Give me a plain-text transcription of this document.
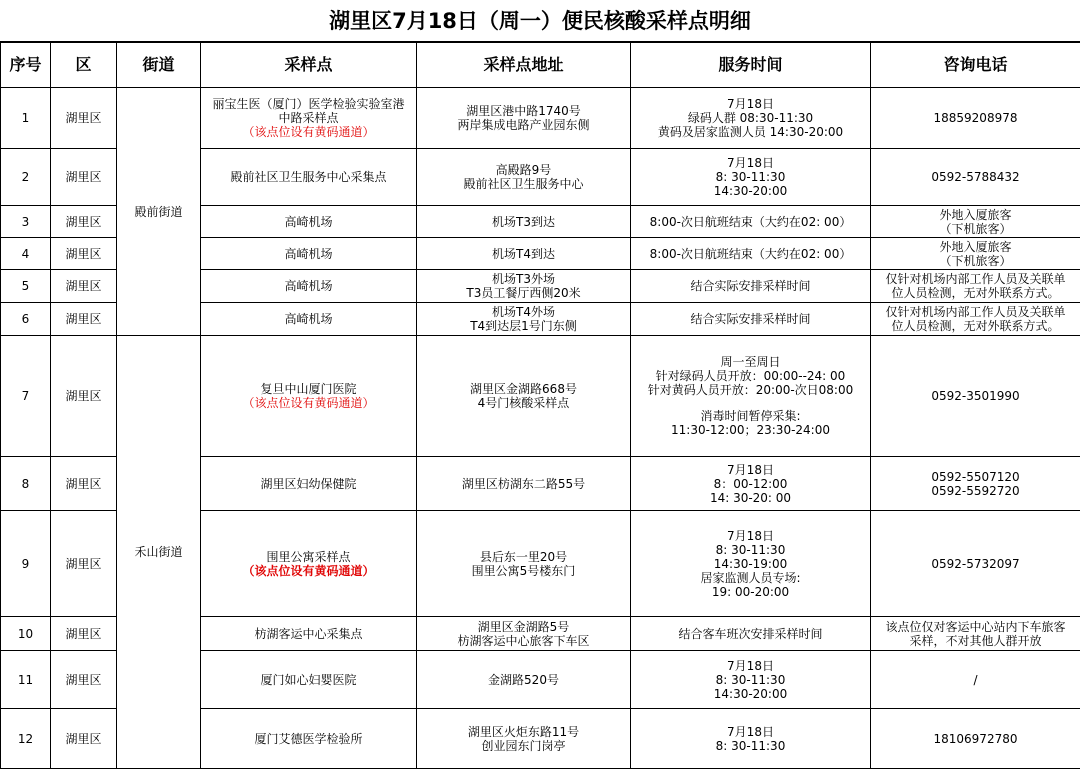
湖里区7月18日（周一）便民核酸采样点明细
序号	区	街道	采样点	采样点地址	服务时间	咨询电话
1	湖里区	殿前街道	丽宝生医（厦门）医学检验实验室港
中路采样点
（该点位设有黄码通道）	湖里区港中路1740号
两岸集成电路产业园东侧	7月18日
绿码人群 08:30-11:30
黄码及居家监测人员 14:30-20:00	18859208978

2	湖里区		殿前社区卫生服务中心采集点	高殿路9号
殿前社区卫生服务中心	7月18日
8: 30-11:30
14:30-20:00	0592-5788432

3	湖里区		高崎机场	机场T3到达	8:00-次日航班结束（大约在02: 00）	外地入厦旅客
（下机旅客）

4	湖里区		高崎机场	机场T4到达	8:00-次日航班结束（大约在02: 00）	外地入厦旅客
（下机旅客）

5	湖里区		高崎机场	机场T3外场
T3员工餐厅西侧20米	结合实际安排采样时间	仅针对机场内部工作人员及关联单
位人员检测，无对外联系方式。

6	湖里区		高崎机场	机场T4外场
T4到达层1号门东侧	结合实际安排采样时间	仅针对机场内部工作人员及关联单
位人员检测，无对外联系方式。

7	湖里区	禾山街道	复旦中山厦门医院
（该点位设有黄码通道）	湖里区金湖路668号
4号门核酸采样点	周一至周日
针对绿码人员开放：00:00--24: 00
针对黄码人员开放：20:00-次日08:00
消毒时间暂停采集:
11:30-12:00；23:30-24:00	0592-3501990

8	湖里区		湖里区妇幼保健院	湖里区枋湖东二路55号	7月18日
8：00-12:00
14: 30-20: 00	0592-5507120
0592-5592720

9	湖里区		围里公寓采样点
（该点位设有黄码通道）	县后东一里20号
围里公寓5号楼东门	7月18日
8: 30-11:30
14:30-19:00
居家监测人员专场:
19: 00-20:00	0592-5732097

10	湖里区		枋湖客运中心采集点	湖里区金湖路5号
枋湖客运中心旅客下车区	结合客车班次安排采样时间	该点位仅对客运中心站内下车旅客
采样，不对其他人群开放

11	湖里区		厦门如心妇婴医院	金湖路520号	7月18日
8: 30-11:30
14:30-20:00	/

12	湖里区		厦门艾德医学检验所	湖里区火炬东路11号
创业园东门岗亭	7月18日
8: 30-11:30	18106972780
